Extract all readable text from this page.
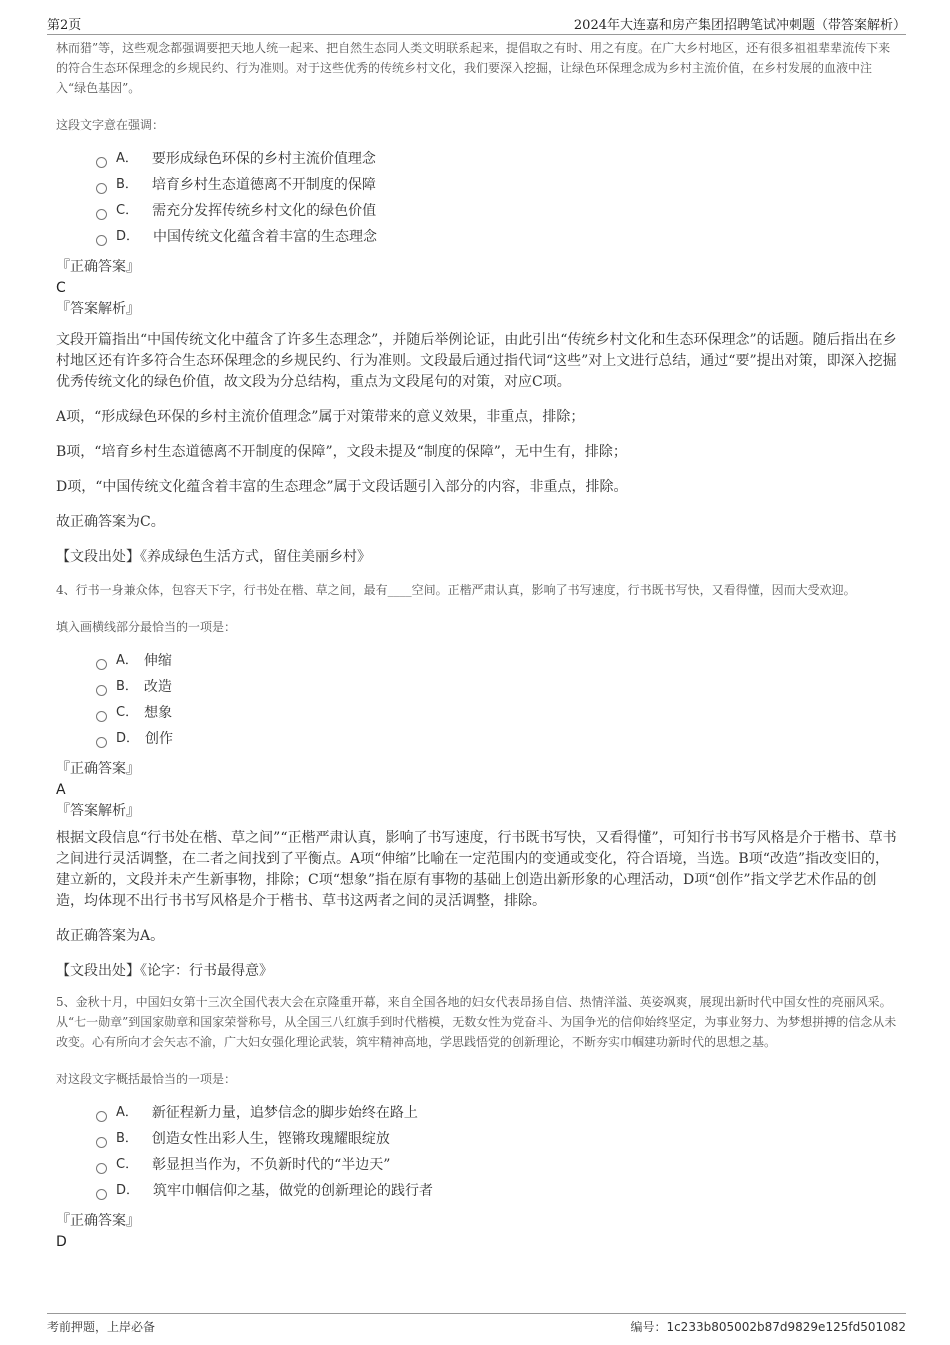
第2页	2024年大连嘉和房产集团招聘笔试冲刺题（带答案解析）

林而猎”等，这些观念都强调要把天地人统一起来、把自然生态同人类文明联系起来，提倡取之有时、用之有度。在广大乡村地区，还有很多祖祖辈辈流传下来的符合生态环保理念的乡规民约、行为准则。对于这些优秀的传统乡村文化，我们要深入挖掘，让绿色环保理念成为乡村主流价值，在乡村发展的血液中注入“绿色基因”。

这段文字意在强调：

A． 要形成绿色环保的乡村主流价值理念
B． 培育乡村生态道德离不开制度的保障
C． 需充分发挥传统乡村文化的绿色价值
D． 中国传统文化蕴含着丰富的生态理念

『正确答案』

C

『答案解析』

文段开篇指出“中国传统文化中蕴含了许多生态理念”，并随后举例论证，由此引出“传统乡村文化和生态环保理念”的话题。随后指出在乡村地区还有许多符合生态环保理念的乡规民约、行为准则。文段最后通过指代词“这些”对上文进行总结，通过“要”提出对策，即深入挖掘优秀传统文化的绿色价值，故文段为分总结构，重点为文段尾句的对策，对应C项。

A项，“形成绿色环保的乡村主流价值理念”属于对策带来的意义效果，非重点，排除；

B项，“培育乡村生态道德离不开制度的保障”，文段未提及“制度的保障”，无中生有，排除；

D项，“中国传统文化蕴含着丰富的生态理念”属于文段话题引入部分的内容，非重点，排除。

故正确答案为C。

【文段出处】《养成绿色生活方式，留住美丽乡村》

4、行书一身兼众体，包容天下字，行书处在楷、草之间，最有____空间。正楷严肃认真，影响了书写速度，行书既书写快，又看得懂，因而大受欢迎。

填入画横线部分最恰当的一项是：

A． 伸缩
B． 改造
C． 想象
D． 创作

『正确答案』

A

『答案解析』

根据文段信息“行书处在楷、草之间”“正楷严肃认真，影响了书写速度，行书既书写快，又看得懂”，可知行书书写风格是介于楷书、草书之间进行灵活调整，在二者之间找到了平衡点。A项“伸缩”比喻在一定范围内的变通或变化，符合语境，当选。B项“改造”指改变旧的，建立新的，文段并未产生新事物，排除；C项“想象”指在原有事物的基础上创造出新形象的心理活动，D项“创作”指文学艺术作品的创造，均体现不出行书书写风格是介于楷书、草书这两者之间的灵活调整，排除。

故正确答案为A。

【文段出处】《论字：行书最得意》

5、金秋十月，中国妇女第十三次全国代表大会在京隆重开幕，来自全国各地的妇女代表昂扬自信、热情洋溢、英姿飒爽，展现出新时代中国女性的亮丽风采。从“七一勋章”到国家勋章和国家荣誉称号，从全国三八红旗手到时代楷模，无数女性为党奋斗、为国争光的信仰始终坚定，为事业努力、为梦想拼搏的信念从未改变。心有所向才会矢志不渝，广大妇女强化理论武装，筑牢精神高地，学思践悟党的创新理论，不断夯实巾帼建功新时代的思想之基。

对这段文字概括最恰当的一项是：

A． 新征程新力量，追梦信念的脚步始终在路上
B． 创造女性出彩人生，铿锵玫瑰耀眼绽放
C． 彰显担当作为，不负新时代的“半边天”
D． 筑牢巾帼信仰之基，做党的创新理论的践行者

『正确答案』

D

考前押题，上岸必备	编号：1c233b805002b87d9829e125fd501082
